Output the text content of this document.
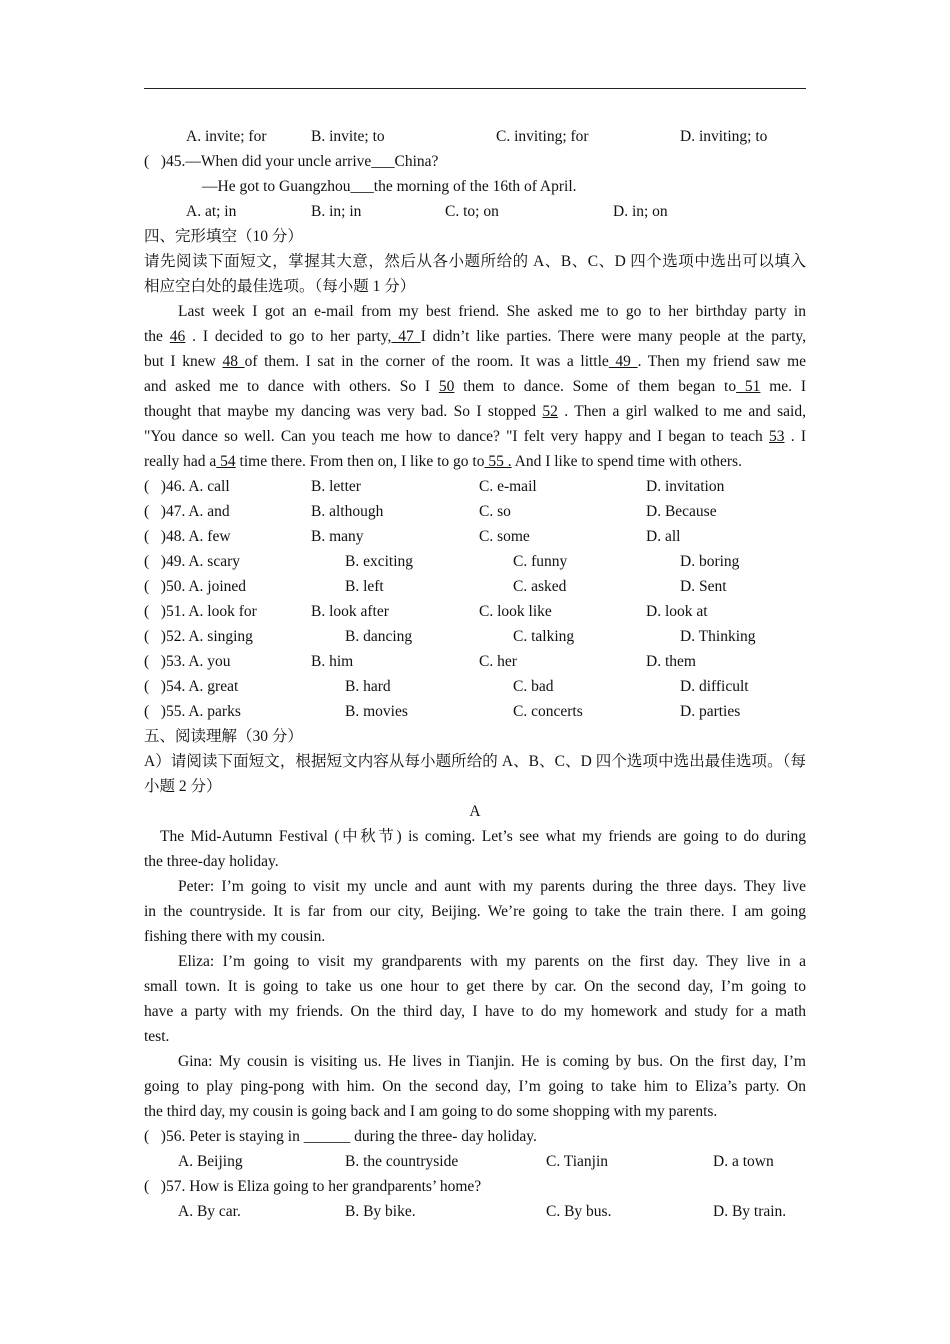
A. invite; for	B. invite; to	C. inviting; for	D. inviting; to
(   )45.—When did your uncle arrive___China?
—He got to Guangzhou___the morning of the 16th of April.
A. at; in	B. in; in	C. to; on	D. in; on
四、完形填空（10 分）
请先阅读下面短文，掌握其大意，然后从各小题所给的 A、B、C、D 四个选项中选出可以填入
相应空白处的最佳选项。（每小题 1 分）
Last week I got an e-mail from my best friend. She asked me to go to her birthday party in
the 46 . I decided to go to her party, 47 I didn’t like parties. There were many people at the party,
but I knew 48 of them. I sat in the corner of the room. It was a little 49 . Then my friend saw me
and asked me to dance with others. So I 50 them to dance. Some of them began to 51 me. I
thought that maybe my dancing was very bad. So I stopped 52 . Then a girl walked to me and said,
"You dance so well. Can you teach me how to dance? "I felt very happy and I began to teach 53 . I
really had a 54 time there. From then on, I like to go to 55 . And I like to spend time with others.
(   )46. A. call	B. letter	C. e-mail	D. invitation
(   )47. A. and	B. although	C. so	D. Because
(   )48. A. few	B. many	C. some	D. all
(   )49. A. scary	B. exciting	C. funny	D. boring
(   )50. A. joined	B. left	C. asked	D. Sent
(   )51. A. look for	B. look after	C. look like	D. look at
(   )52. A. singing	B. dancing	C. talking	D. Thinking
(   )53. A. you	B. him	C. her	D. them
(   )54. A. great	B. hard	C. bad	D. difficult
(   )55. A. parks	B. movies	C. concerts	D. parties
五、阅读理解（30 分）
A）请阅读下面短文，根据短文内容从每小题所给的 A、B、C、D 四个选项中选出最佳选项。（每
小题 2 分）
A
The Mid-Autumn Festival (中秋节) is coming. Let’s see what my friends are going to do during
the three-day holiday.
Peter: I’m going to visit my uncle and aunt with my parents during the three days. They live
in the countryside. It is far from our city, Beijing. We’re going to take the train there. I am going
fishing there with my cousin.
Eliza: I’m going to visit my grandparents with my parents on the first day. They live in a
small town. It is going to take us one hour to get there by car. On the second day, I’m going to
have a party with my friends. On the third day, I have to do my homework and study for a math
test.
Gina: My cousin is visiting us. He lives in Tianjin. He is coming by bus. On the first day, I’m
going to play ping-pong with him. On the second day, I’m going to take him to Eliza’s party. On
the third day, my cousin is going back and I am going to do some shopping with my parents.
(   )56. Peter is staying in ______ during the three- day holiday.
A. Beijing	B. the countryside	C. Tianjin	D. a town
(   )57. How is Eliza going to her grandparents’ home?
A. By car.	B. By bike.	C. By bus.	D. By train.
